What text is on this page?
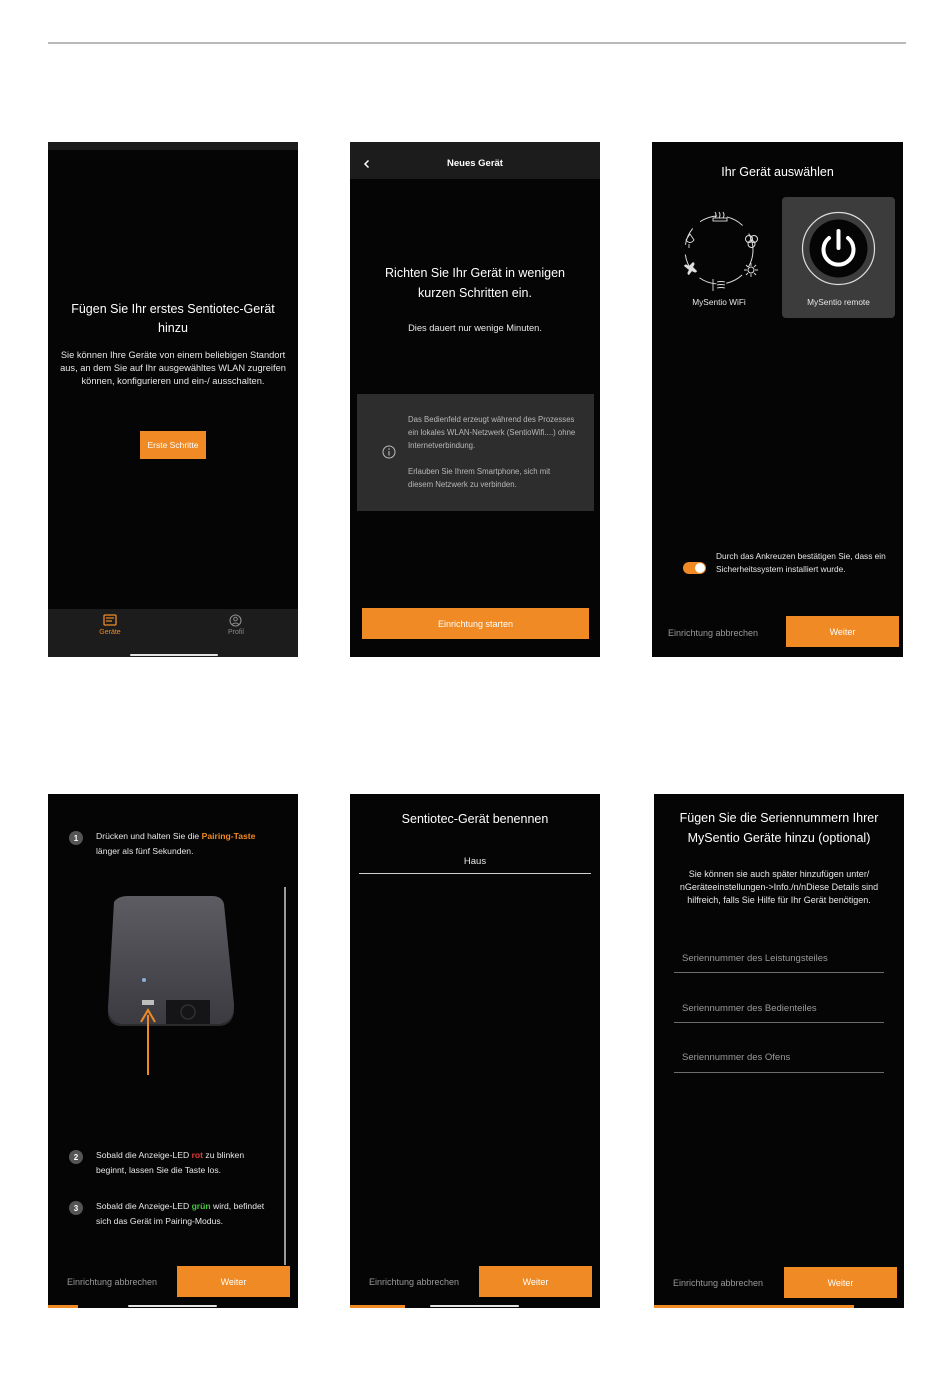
Fügen Sie Ihr erstes Sentiotec-Gerät hinzu
Sie können Ihre Geräte von einem beliebigen Standort aus, an dem Sie auf Ihr ausgewähltes WLAN zugreifen können, konfigurieren und ein-/ ausschalten.
Erste Schritte
Geräte	Profil
Neues Gerät
Richten Sie Ihr Gerät in wenigen kurzen Schritten ein.
Dies dauert nur wenige Minuten.
Das Bedienfeld erzeugt während des Prozesses ein lokales WLAN-Netzwerk (SentioWifi....) ohne Internetverbindung.
Erlauben Sie Ihrem Smartphone, sich mit diesem Netzwerk zu verbinden.
Einrichtung starten
Ihr Gerät auswählen
MySentio WiFi	MySentio remote
Durch das Ankreuzen bestätigen Sie, dass ein Sicherheitssystem installiert wurde.
Einrichtung abbrechen	Weiter
1	Drücken und halten Sie die Pairing-Taste länger als fünf Sekunden.
2	Sobald die Anzeige-LED rot zu blinken beginnt, lassen Sie die Taste los.
3	Sobald die Anzeige-LED grün wird, befindet sich das Gerät im Pairing-Modus.
Einrichtung abbrechen	Weiter
Sentiotec-Gerät benennen
Haus
Einrichtung abbrechen	Weiter
Fügen Sie die Seriennummern Ihrer MySentio Geräte hinzu (optional)
Sie können sie auch später hinzufügen unter/ nGeräteeinstellungen->Info./n/nDiese Details sind hilfreich, falls Sie Hilfe für Ihr Gerät benötigen.
Seriennummer des Leistungsteiles
Seriennummer des Bedienteiles
Seriennummer des Ofens
Einrichtung abbrechen	Weiter
